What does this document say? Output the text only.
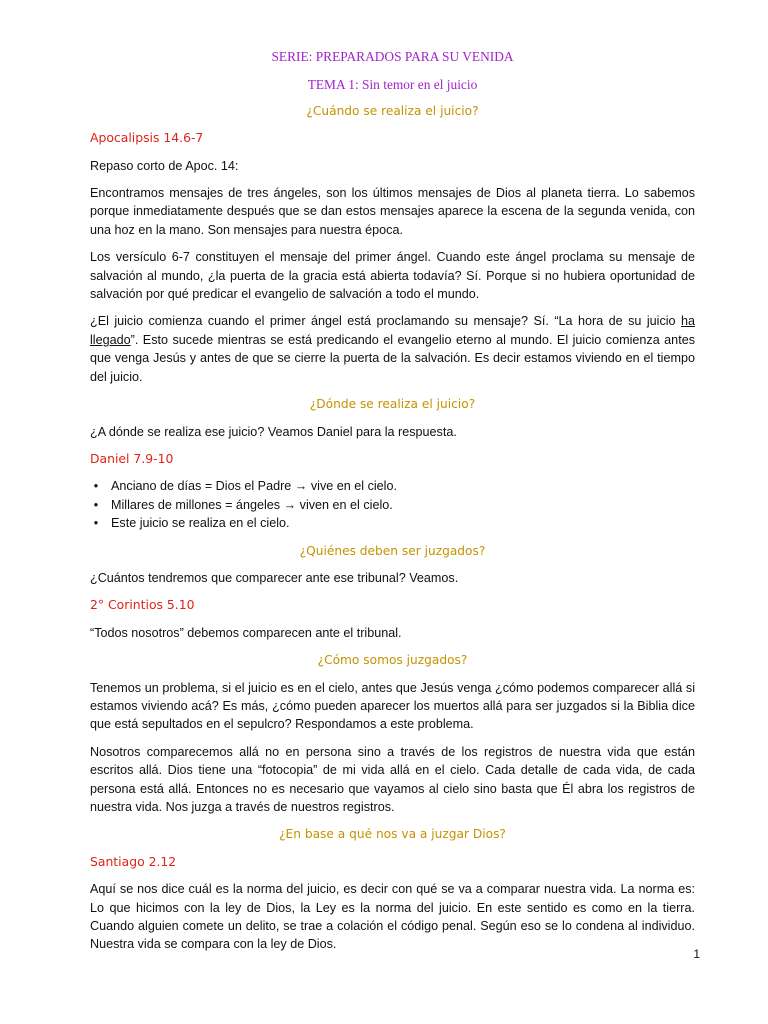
SERIE: PREPARADOS PARA SU VENIDA
TEMA 1: Sin temor en el juicio
¿Cuándo se realiza el juicio?
Apocalipsis 14.6-7

Repaso corto de Apoc. 14:

Encontramos mensajes de tres ángeles, son los últimos mensajes de Dios al planeta tierra. Lo sabemos porque inmediatamente después que se dan estos mensajes aparece la escena de la segunda venida, con una hoz en la mano. Son mensajes para nuestra época.

Los versículo 6-7 constituyen el mensaje del primer ángel. Cuando este ángel proclama su mensaje de salvación al mundo, ¿la puerta de la gracia está abierta todavía? Sí. Porque si no hubiera oportunidad de salvación por qué predicar el evangelio de salvación a todo el mundo.

¿El juicio comienza cuando el primer ángel está proclamando su mensaje? Sí. “La hora de su juicio ha llegado”. Esto sucede mientras se está predicando el evangelio eterno al mundo. El juicio comienza antes que venga Jesús y antes de que se cierre la puerta de la salvación. Es decir estamos viviendo en el tiempo del juicio.

¿Dónde se realiza el juicio?

¿A dónde se realiza ese juicio? Veamos Daniel para la respuesta.

Daniel 7.9-10
•	Anciano de días = Dios el Padre → vive en el cielo.
•	Millares de millones = ángeles → viven en el cielo.
•	Este juicio se realiza en el cielo.
¿Quiénes deben ser juzgados?

¿Cuántos tendremos que comparecer ante ese tribunal? Veamos.

2° Corintios 5.10

“Todos nosotros” debemos comparecen ante el tribunal.

¿Cómo somos juzgados?

Tenemos un problema, si el juicio es en el cielo, antes que Jesús venga ¿cómo podemos comparecer allá si estamos viviendo acá? Es más, ¿cómo pueden aparecer los muertos allá para ser juzgados si la Biblia dice que está sepultados en el sepulcro? Respondamos a este problema.

Nosotros comparecemos allá no en persona sino a través de los registros de nuestra vida que están escritos allá. Dios tiene una “fotocopia” de mi vida allá en el cielo. Cada detalle de cada vida, de cada persona está allá. Entonces no es necesario que vayamos al cielo sino basta que Él abra los registros de nuestra vida. Nos juzga a través de nuestros registros.

¿En base a qué nos va a juzgar Dios?
Santiago 2.12

Aquí se nos dice cuál es la norma del juicio, es decir con qué se va a comparar nuestra vida. La norma es: Lo que hicimos con la ley de Dios, la Ley es la norma del juicio. En este sentido es como en la tierra. Cuando alguien comete un delito, se trae a colación el código penal. Según eso se lo condena al individuo. Nuestra vida se compara con la ley de Dios.

1
